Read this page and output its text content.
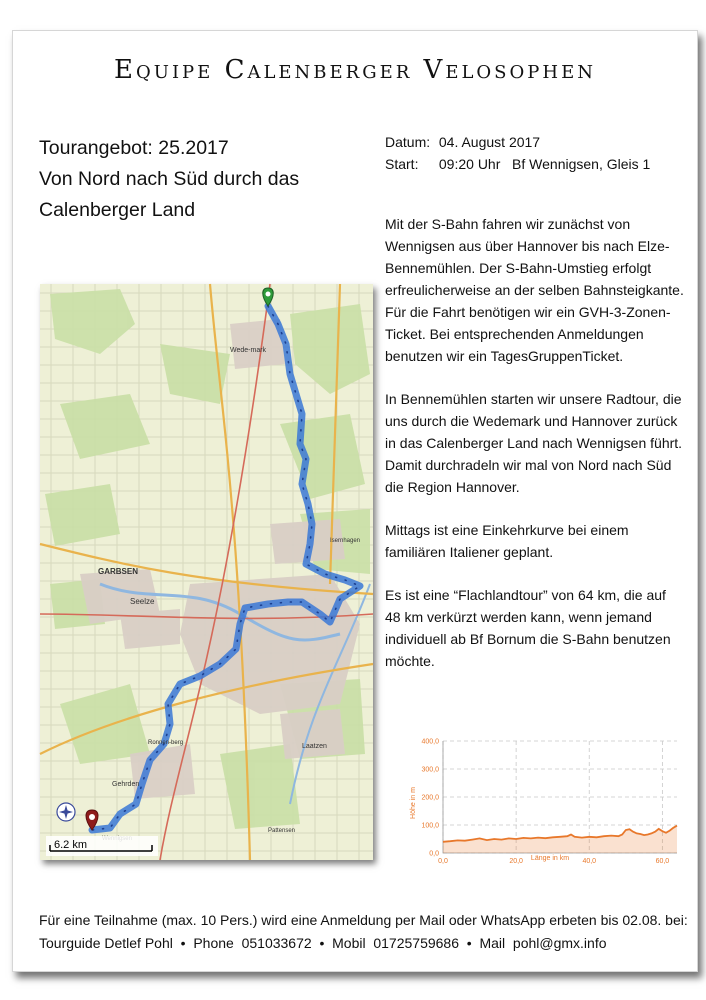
Equipe Calenberger Velosophen
Tourangebot: 25.2017
Von Nord nach Süd durch das
Calenberger Land
Datum: 04. August 2017
Start: 09:20 Uhr   Bf Wennigsen, Gleis 1

Mit der S-Bahn fahren wir zunächst von Wennigsen aus über Hannover bis nach Elze-Bennemühlen. Der S-Bahn-Umstieg erfolgt erfreulicherweise an der selben Bahnsteigkante. Für die Fahrt benötigen wir ein GVH-3-Zonen-Ticket. Bei entsprechenden Anmeldungen benutzen wir ein TagesGruppenTicket.

In Bennemühlen starten wir unsere Radtour, die uns durch die Wedemark und Hannover zurück in das Calenberger Land nach Wennigsen führt. Damit durchradeln wir mal von Nord nach Süd die Region Hannover.

Mittags ist eine Einkehrkurve bei einem familiären Italiener geplant.

Es ist eine “Flachlandtour” von 64 km, die auf 48 km verkürzt werden kann, wenn jemand individuell ab Bf Bornum die S-Bahn benutzen möchte.

Wede-mark
GARBSEN
Seelze
Isernhagen
Ronnen-berg
Gehrden
Laatzen
Pattensen
6.2 km
0,0
100,0
200,0
300,0
400,0
0,0	20,0	40,0	60,0
Länge in km
Höhe in m
Für eine Teilnahme (max. 10 Pers.) wird eine Anmeldung per Mail oder WhatsApp erbeten bis 02.08. bei:
Tourguide Detlef Pohl  •  Phone  051033672  •  Mobil  01725759686  •  Mail  pohl@gmx.info
